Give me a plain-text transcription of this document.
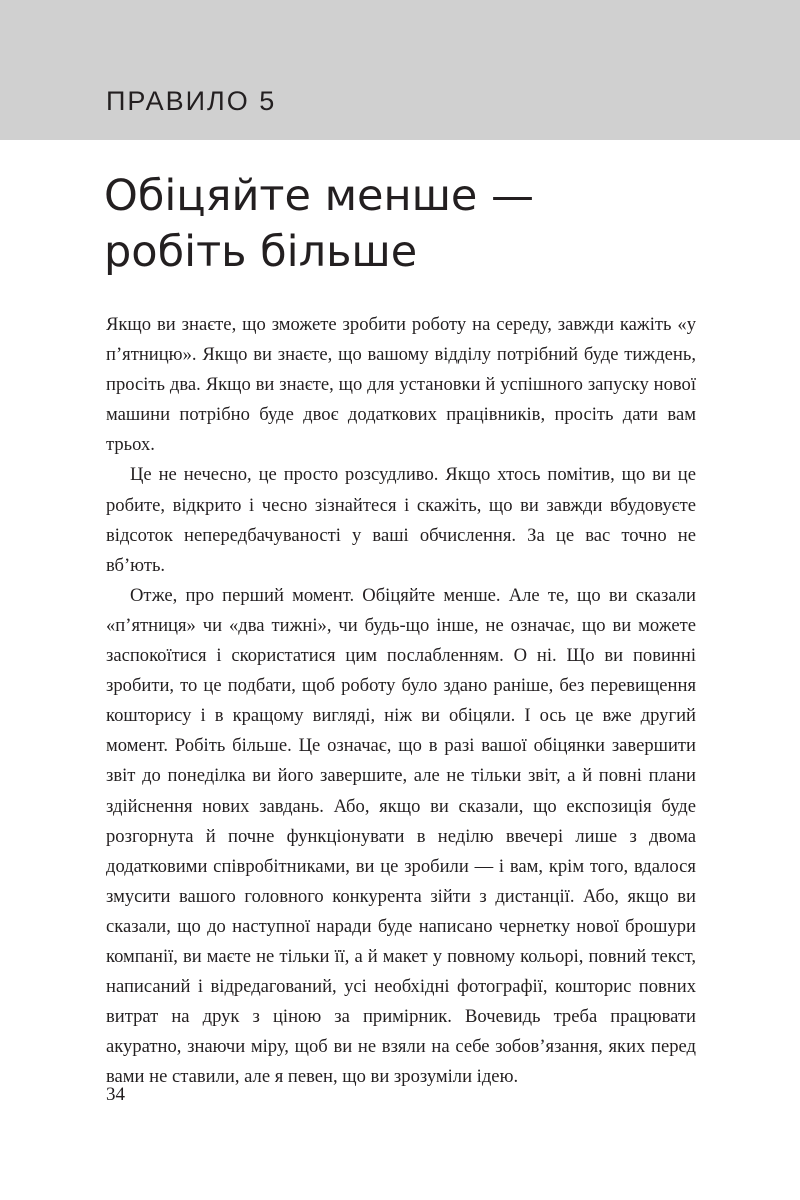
ПРАВИЛО 5
Обіцяйте менше —
робіть більше

Якщо ви знаєте, що зможете зробити роботу на середу, завжди кажіть «у п’ятницю». Якщо ви знаєте, що вашому відділу потрібний буде тиждень, просіть два. Якщо ви знаєте, що для установки й успішного запуску нової машини потрібно буде двоє додаткових працівників, просіть дати вам трьох.

Це не нечесно, це просто розсудливо. Якщо хтось помітив, що ви це робите, відкрито і чесно зізнайтеся і скажіть, що ви завжди вбудовуєте відсоток непередбачуваності у ваші обчислення. За це вас точно не вб’ють.

Отже, про перший момент. Обіцяйте менше. Але те, що ви сказали «п’ятниця» чи «два тижні», чи будь-що інше, не означає, що ви можете заспокоїтися і скористатися цим послабленням. О ні. Що ви повинні зробити, то це подбати, щоб роботу було здано раніше, без перевищення кошторису і в кращому вигляді, ніж ви обіцяли. І ось це вже другий момент. Робіть більше. Це означає, що в разі вашої обіцянки завершити звіт до понеділка ви його завершите, але не тільки звіт, а й повні плани здійснення нових завдань. Або, якщо ви сказали, що експозиція буде розгорнута й почне функціонувати в неділю ввечері лише з двома додатковими співробітниками, ви це зробили — і вам, крім того, вдалося змусити вашого головного конкурента зійти з дистанції. Або, якщо ви сказали, що до наступної наради буде написано чернетку нової брошури компанії, ви маєте не тільки її, а й макет у повному кольорі, повний текст, написаний і відредагований, усі необхідні фотографії, кошторис повних витрат на друк з ціною за примірник. Вочевидь треба працювати акуратно, знаючи міру, щоб ви не взяли на себе зобов’язання, яких перед вами не ставили, але я певен, що ви зрозуміли ідею.

34
